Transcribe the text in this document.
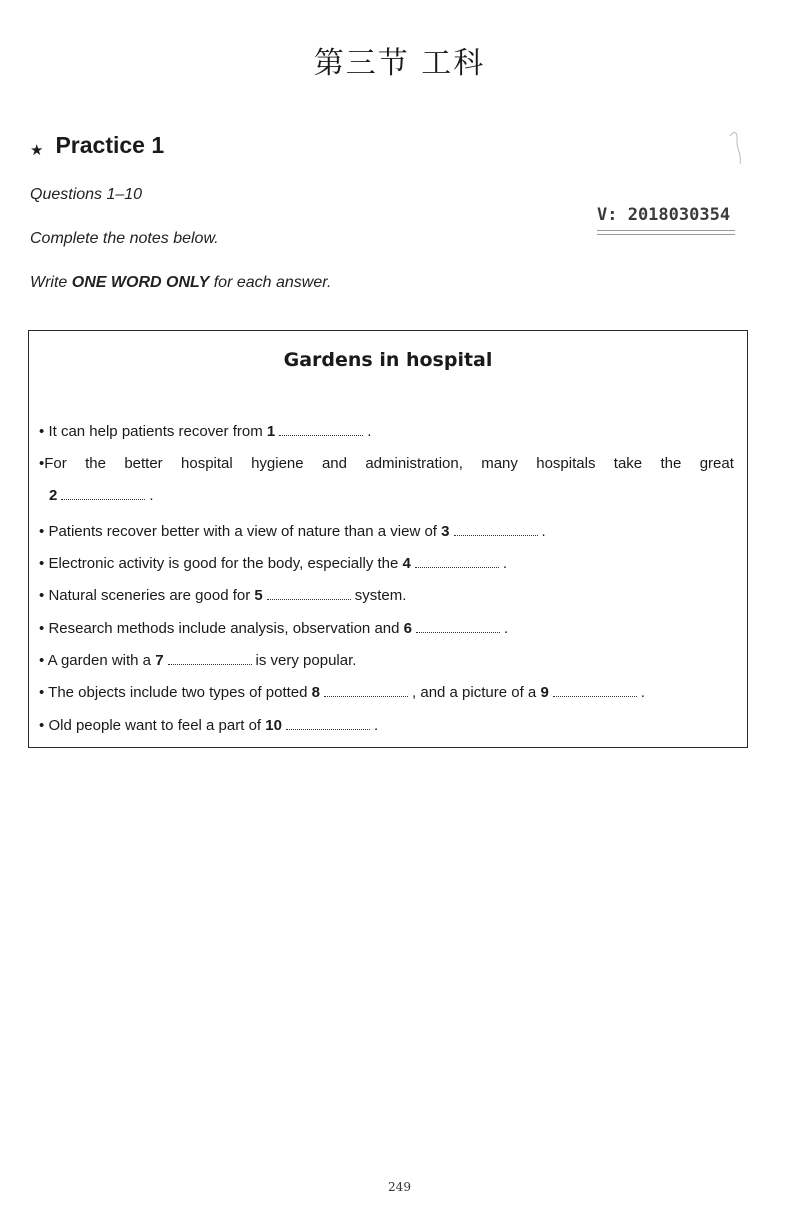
第三节 工科
★ Practice 1
Questions 1–10
Complete the notes below.
Write ONE WORD ONLY for each answer.
V: 2018030354
Gardens in hospital
• It can help patients recover from 1	.
•For the better hospital hygiene and administration, many hospitals take the great
2	.
• Patients recover better with a view of nature than a view of 3	.
• Electronic activity is good for the body, especially the 4	.
• Natural sceneries are good for 5	system.
• Research methods include analysis, observation and 6	.
• A garden with a 7	is very popular.
• The objects include two types of potted 8	, and a picture of a 9	.
• Old people want to feel a part of 10	.
249
